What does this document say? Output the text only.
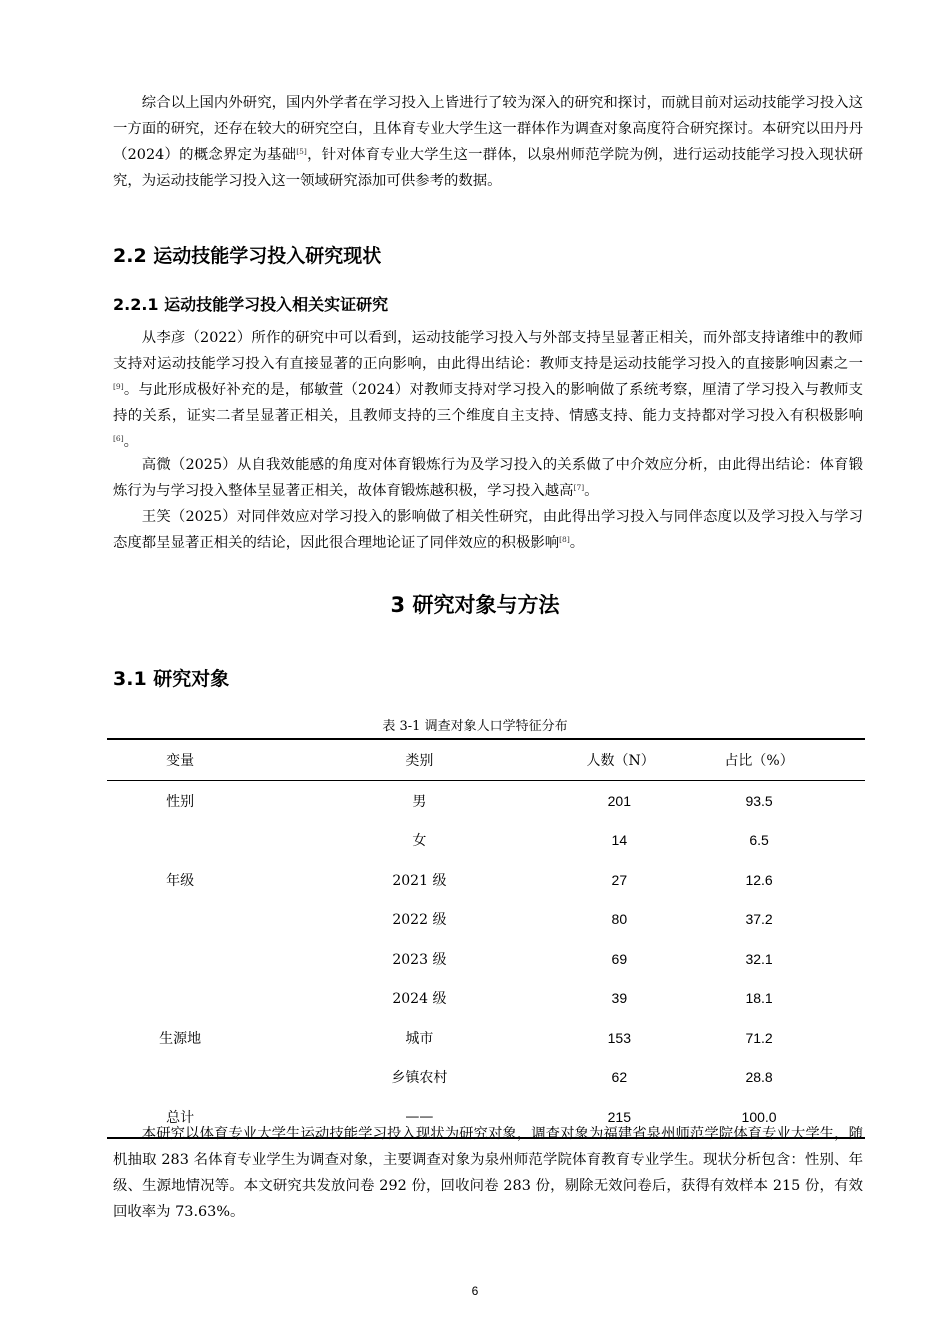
综合以上国内外研究，国内外学者在学习投入上皆进行了较为深入的研究和探讨，而就目前对运动技能学习投入这一方面的研究，还存在较大的研究空白，且体育专业大学生这一群体作为调查对象高度符合研究探讨。本研究以田丹丹（2024）的概念界定为基础[5]，针对体育专业大学生这一群体，以泉州师范学院为例，进行运动技能学习投入现状研究，为运动技能学习投入这一领域研究添加可供参考的数据。

2.2 运动技能学习投入研究现状
2.2.1 运动技能学习投入相关实证研究

从李彦（2022）所作的研究中可以看到，运动技能学习投入与外部支持呈显著正相关，而外部支持诸维中的教师支持对运动技能学习投入有直接显著的正向影响，由此得出结论：教师支持是运动技能学习投入的直接影响因素之一[9]。与此形成极好补充的是，郁敏萱（2024）对教师支持对学习投入的影响做了系统考察，厘清了学习投入与教师支持的关系，证实二者呈显著正相关，且教师支持的三个维度自主支持、情感支持、能力支持都对学习投入有积极影响[6]。

高微（2025）从自我效能感的角度对体育锻炼行为及学习投入的关系做了中介效应分析，由此得出结论：体育锻炼行为与学习投入整体呈显著正相关，故体育锻炼越积极，学习投入越高[7]。

王笑（2025）对同伴效应对学习投入的影响做了相关性研究，由此得出学习投入与同伴态度以及学习投入与学习态度都呈显著正相关的结论，因此很合理地论证了同伴效应的积极影响[8]。

3 研究对象与方法
3.1 研究对象
表 3-1 调查对象人口学特征分布
变量	类别	人数（N）	占比（%）
性别	男	201	93.5
	女	14	6.5
年级	2021 级	27	12.6
	2022 级	80	37.2
	2023 级	69	32.1
	2024 级	39	18.1
生源地	城市	153	71.2
	乡镇农村	62	28.8
总计	——	215	100.0

本研究以体育专业大学生运动技能学习投入现状为研究对象，调查对象为福建省泉州师范学院体育专业大学生，随机抽取 283 名体育专业学生为调查对象，主要调查对象为泉州师范学院体育教育专业学生。现状分析包含：性别、年级、生源地情况等。本文研究共发放问卷 292 份，回收问卷 283 份，剔除无效问卷后，获得有效样本 215 份，有效回收率为 73.63%。

6
